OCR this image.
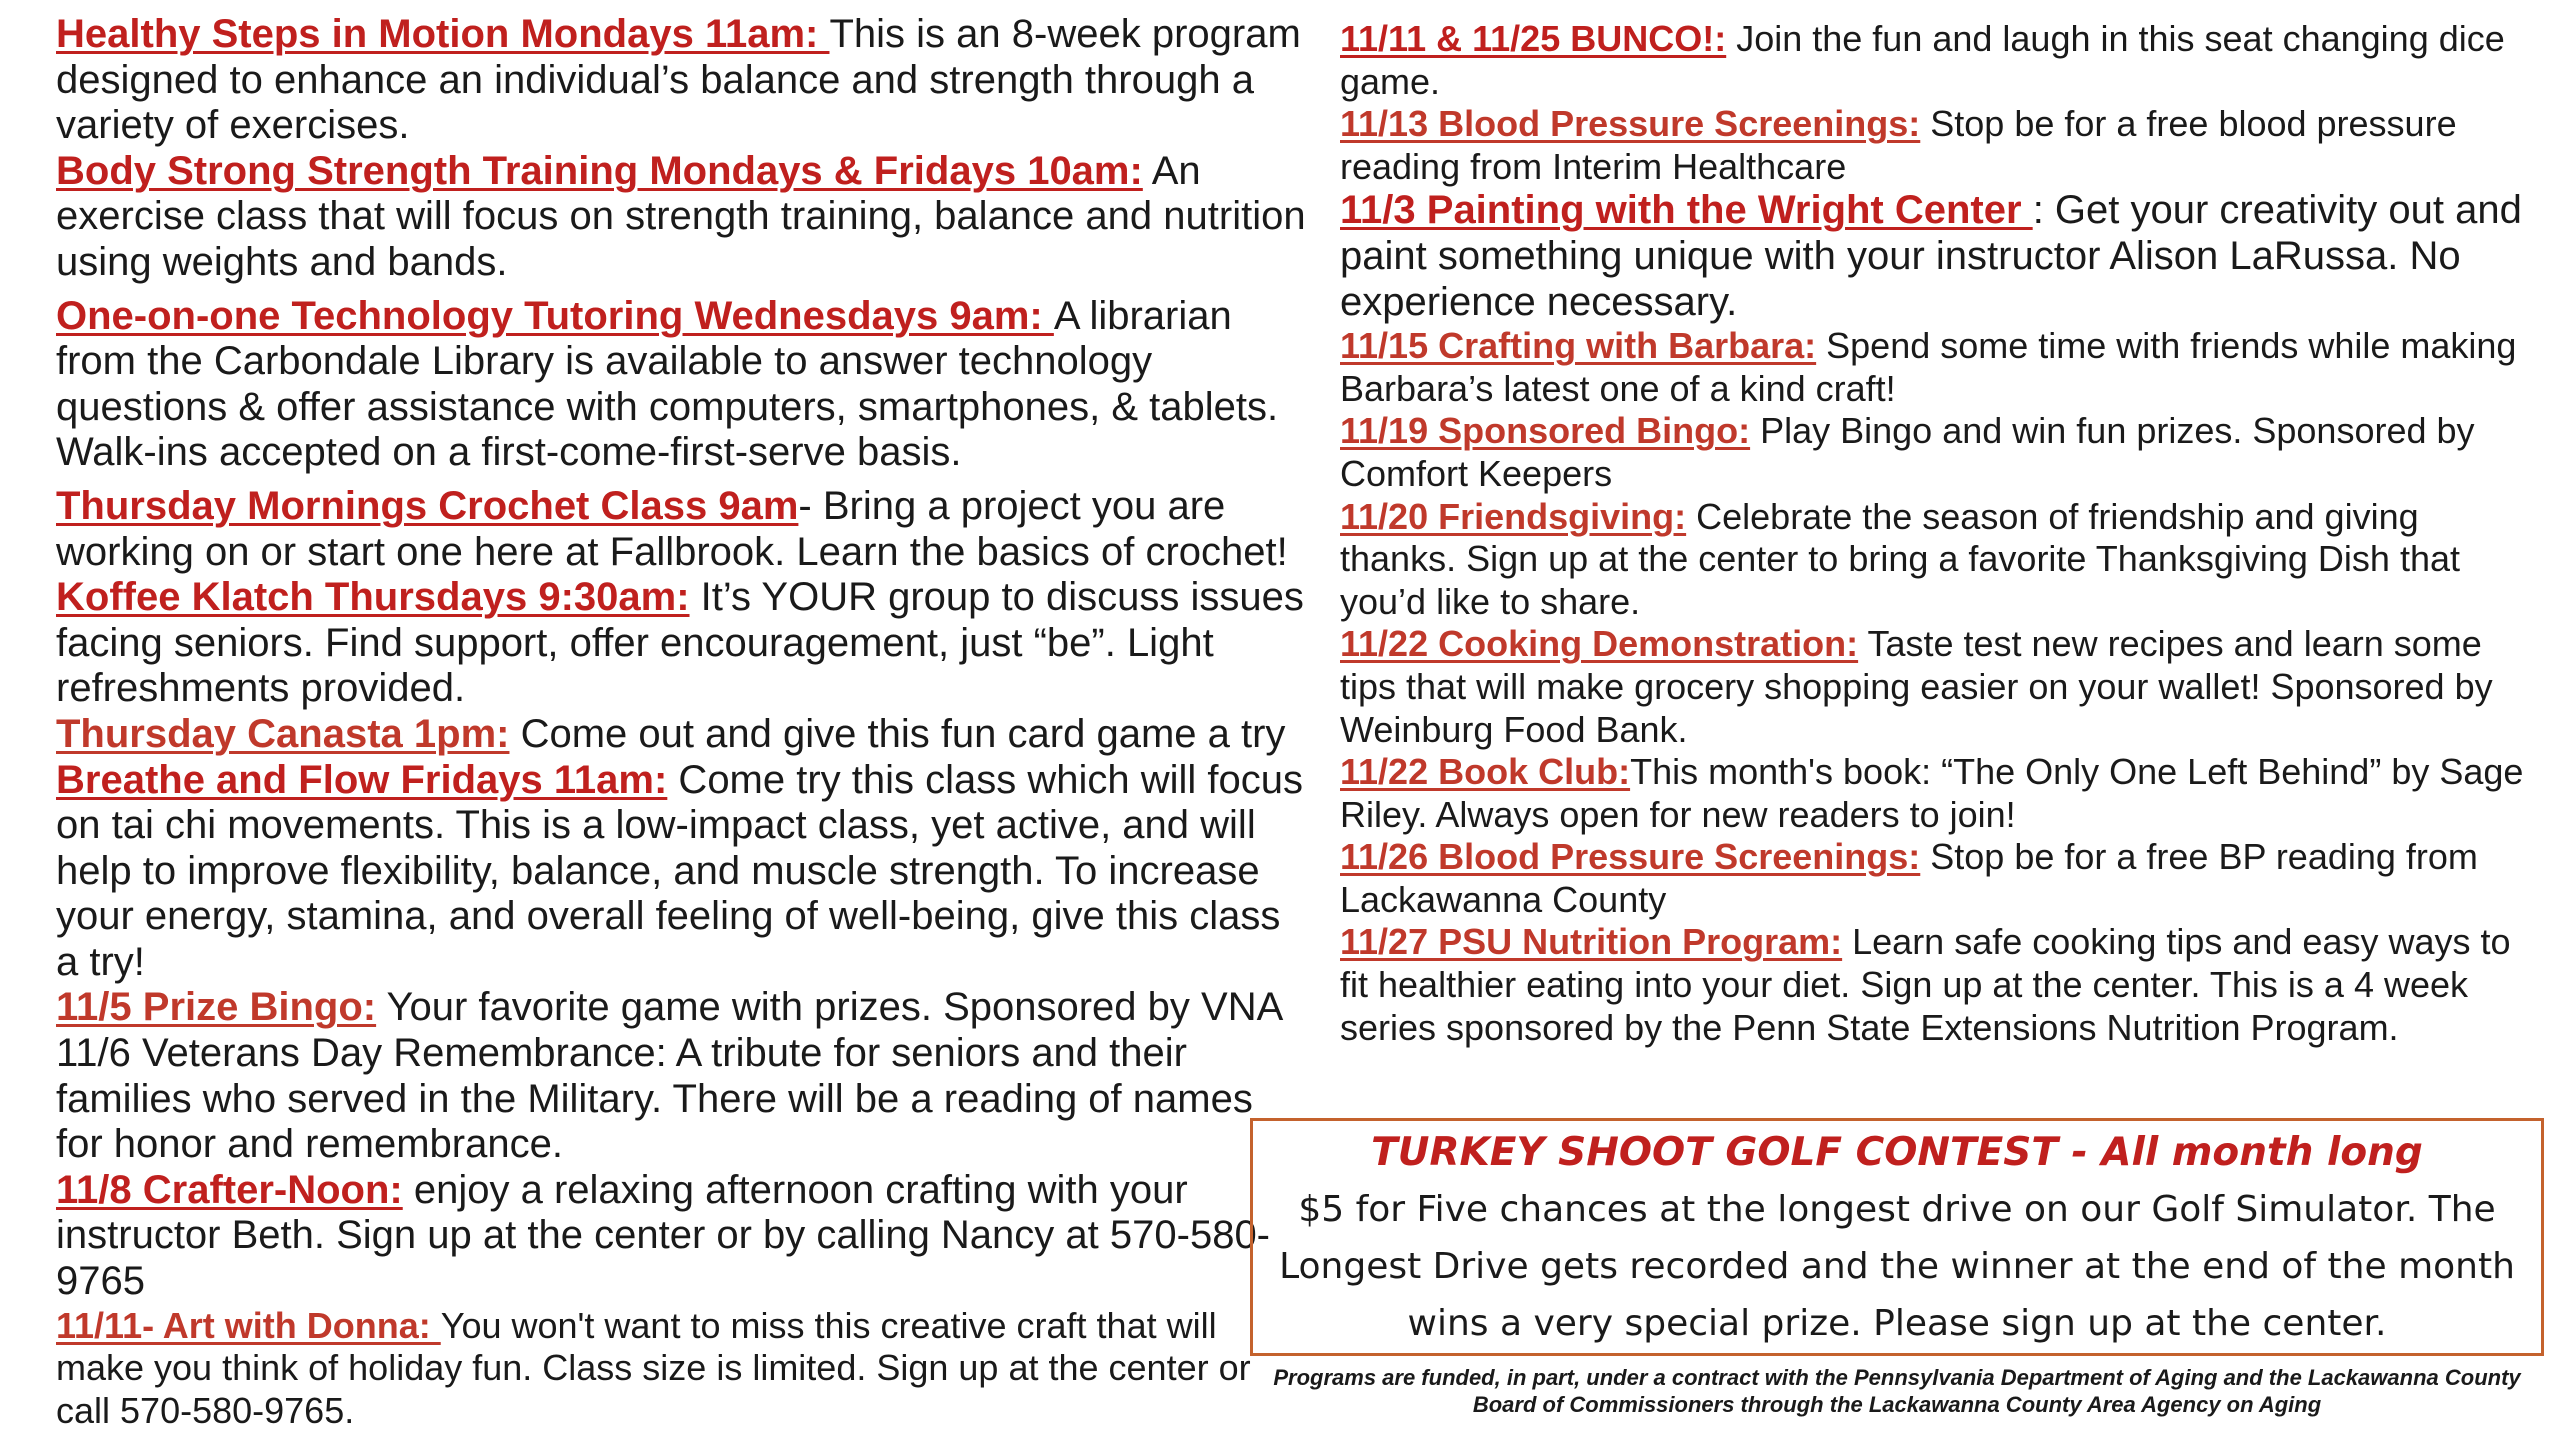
Healthy Steps in Motion Mondays 11am: This is an 8-week program designed to enhance an individual’s balance and strength through a variety of exercises.

Body Strong Strength Training Mondays & Fridays 10am: An exercise class that will focus on strength training, balance and nutrition using weights and bands.

One-on-one Technology Tutoring Wednesdays 9am: A librarian from the Carbondale Library is available to answer technology questions & offer assistance with computers, smartphones, & tablets. Walk-ins accepted on a first-come-first-serve basis.

Thursday Mornings Crochet Class 9am- Bring a project you are working on or start one here at Fallbrook. Learn the basics of crochet!

Koffee Klatch Thursdays 9:30am: It’s YOUR group to discuss issues facing seniors. Find support, offer encouragement, just “be”. Light refreshments provided.

Thursday Canasta 1pm: Come out and give this fun card game a try

Breathe and Flow Fridays 11am: Come try this class which will focus on tai chi movements. This is a low-impact class, yet active, and will help to improve flexibility, balance, and muscle strength. To increase your energy, stamina, and overall feeling of well-being, give this class a try!

11/5 Prize Bingo: Your favorite game with prizes. Sponsored by VNA

11/6 Veterans Day Remembrance: A tribute for seniors and their families who served in the Military. There will be a reading of names for honor and remembrance.

11/8 Crafter-Noon: enjoy a relaxing afternoon crafting with your instructor Beth. Sign up at the center or by calling Nancy at 570-580-9765

11/11- Art with Donna: You won't want to miss this creative craft that will make you think of holiday fun. Class size is limited. Sign up at the center or call 570-580-9765.

11/11 & 11/25 BUNCO!: Join the fun and laugh in this seat changing dice game.

11/13 Blood Pressure Screenings: Stop be for a free blood pressure reading from Interim Healthcare

11/3 Painting with the Wright Center : Get your creativity out and paint something unique with your instructor Alison LaRussa. No experience necessary.

11/15 Crafting with Barbara: Spend some time with friends while making Barbara’s latest one of a kind craft!

11/19 Sponsored Bingo: Play Bingo and win fun prizes. Sponsored by Comfort Keepers

11/20 Friendsgiving: Celebrate the season of friendship and giving thanks. Sign up at the center to bring a favorite Thanksgiving Dish that you’d like to share.

11/22 Cooking Demonstration: Taste test new recipes and learn some tips that will make grocery shopping easier on your wallet! Sponsored by Weinburg Food Bank.

11/22 Book Club:This month's book: “The Only One Left Behind” by Sage Riley. Always open for new readers to join!

11/26 Blood Pressure Screenings: Stop be for a free BP reading from Lackawanna County

11/27 PSU Nutrition Program: Learn safe cooking tips and easy ways to fit healthier eating into your diet. Sign up at the center. This is a 4 week series sponsored by the Penn State Extensions Nutrition Program.

TURKEY SHOOT GOLF CONTEST - All month long
$5 for Five chances at the longest drive on our Golf Simulator. The Longest Drive gets recorded and the winner at the end of the month wins a very special prize. Please sign up at the center.
Programs are funded, in part, under a contract with the Pennsylvania Department of Aging and the Lackawanna County Board of Commissioners through the Lackawanna County Area Agency on Aging
